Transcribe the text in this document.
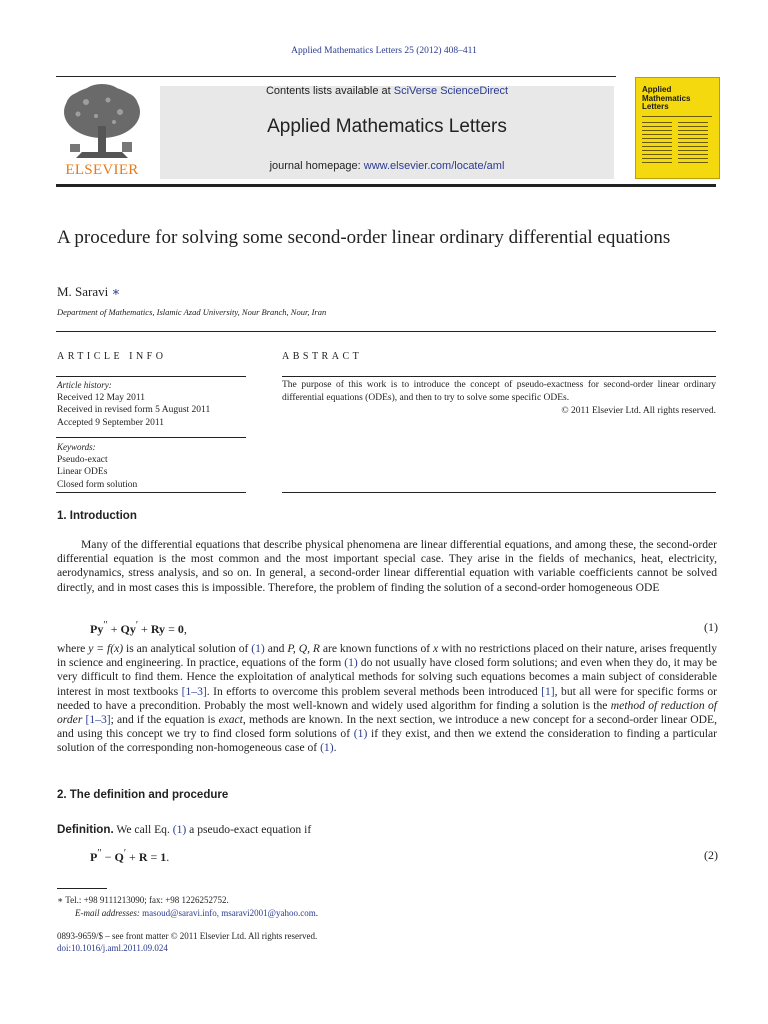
Applied Mathematics Letters 25 (2012) 408–411
ELSEVIER
Contents lists available at SciVerse ScienceDirect
Applied Mathematics Letters
journal homepage: www.elsevier.com/locate/aml
Applied
Mathematics
Letters
A procedure for solving some second-order linear ordinary differential equations
M. Saravi ∗
Department of Mathematics, Islamic Azad University, Nour Branch, Nour, Iran
ARTICLE INFO
Article history:
Received 12 May 2011
Received in revised form 5 August 2011
Accepted 9 September 2011
Keywords:
Pseudo-exact
Linear ODEs
Closed form solution
ABSTRACT
The purpose of this work is to introduce the concept of pseudo-exactness for second-order linear ordinary differential equations (ODEs), and then to try to solve some specific ODEs.
© 2011 Elsevier Ltd. All rights reserved.
1. Introduction
Many of the differential equations that describe physical phenomena are linear differential equations, and among these, the second-order differential equation is the most common and the most important special case. They arise in the fields of mechanics, heat, electricity, aerodynamics, stress analysis, and so on. In general, a second-order linear differential equation with variable coefficients cannot be solved directly, and in most cases this is impossible. Therefore, the problem of finding the solution of a second-order homogeneous ODE
Py′′ + Qy′ + Ry = 0,	(1)
where y = f(x) is an analytical solution of (1) and P, Q, R are known functions of x with no restrictions placed on their nature, arises frequently in science and engineering. In practice, equations of the form (1) do not usually have closed form solutions; and even when they do, it may be very difficult to find them. Hence the exploitation of analytical methods for solving such equations becomes a main subject of considerable interest in most textbooks [1–3]. In efforts to overcome this problem several methods been introduced [1], but all were for specific forms or needed to have a precondition. Probably the most well-known and widely used algorithm for finding a solution is the method of reduction of order [1–3]; and if the equation is exact, methods are known. In the next section, we introduce a new concept for a second-order linear ODE, and using this concept we try to find closed form solutions of (1) if they exist, and then we extend the consideration to finding a particular solution of the corresponding non-homogeneous case of (1).
2. The definition and procedure
Definition. We call Eq. (1) a pseudo-exact equation if
P′′ − Q′ + R = 1.	(2)
∗ Tel.: +98 9111213090; fax: +98 1226252752.
E-mail addresses: masoud@saravi.info, msaravi2001@yahoo.com.
0893-9659/$ – see front matter © 2011 Elsevier Ltd. All rights reserved.
doi:10.1016/j.aml.2011.09.024
